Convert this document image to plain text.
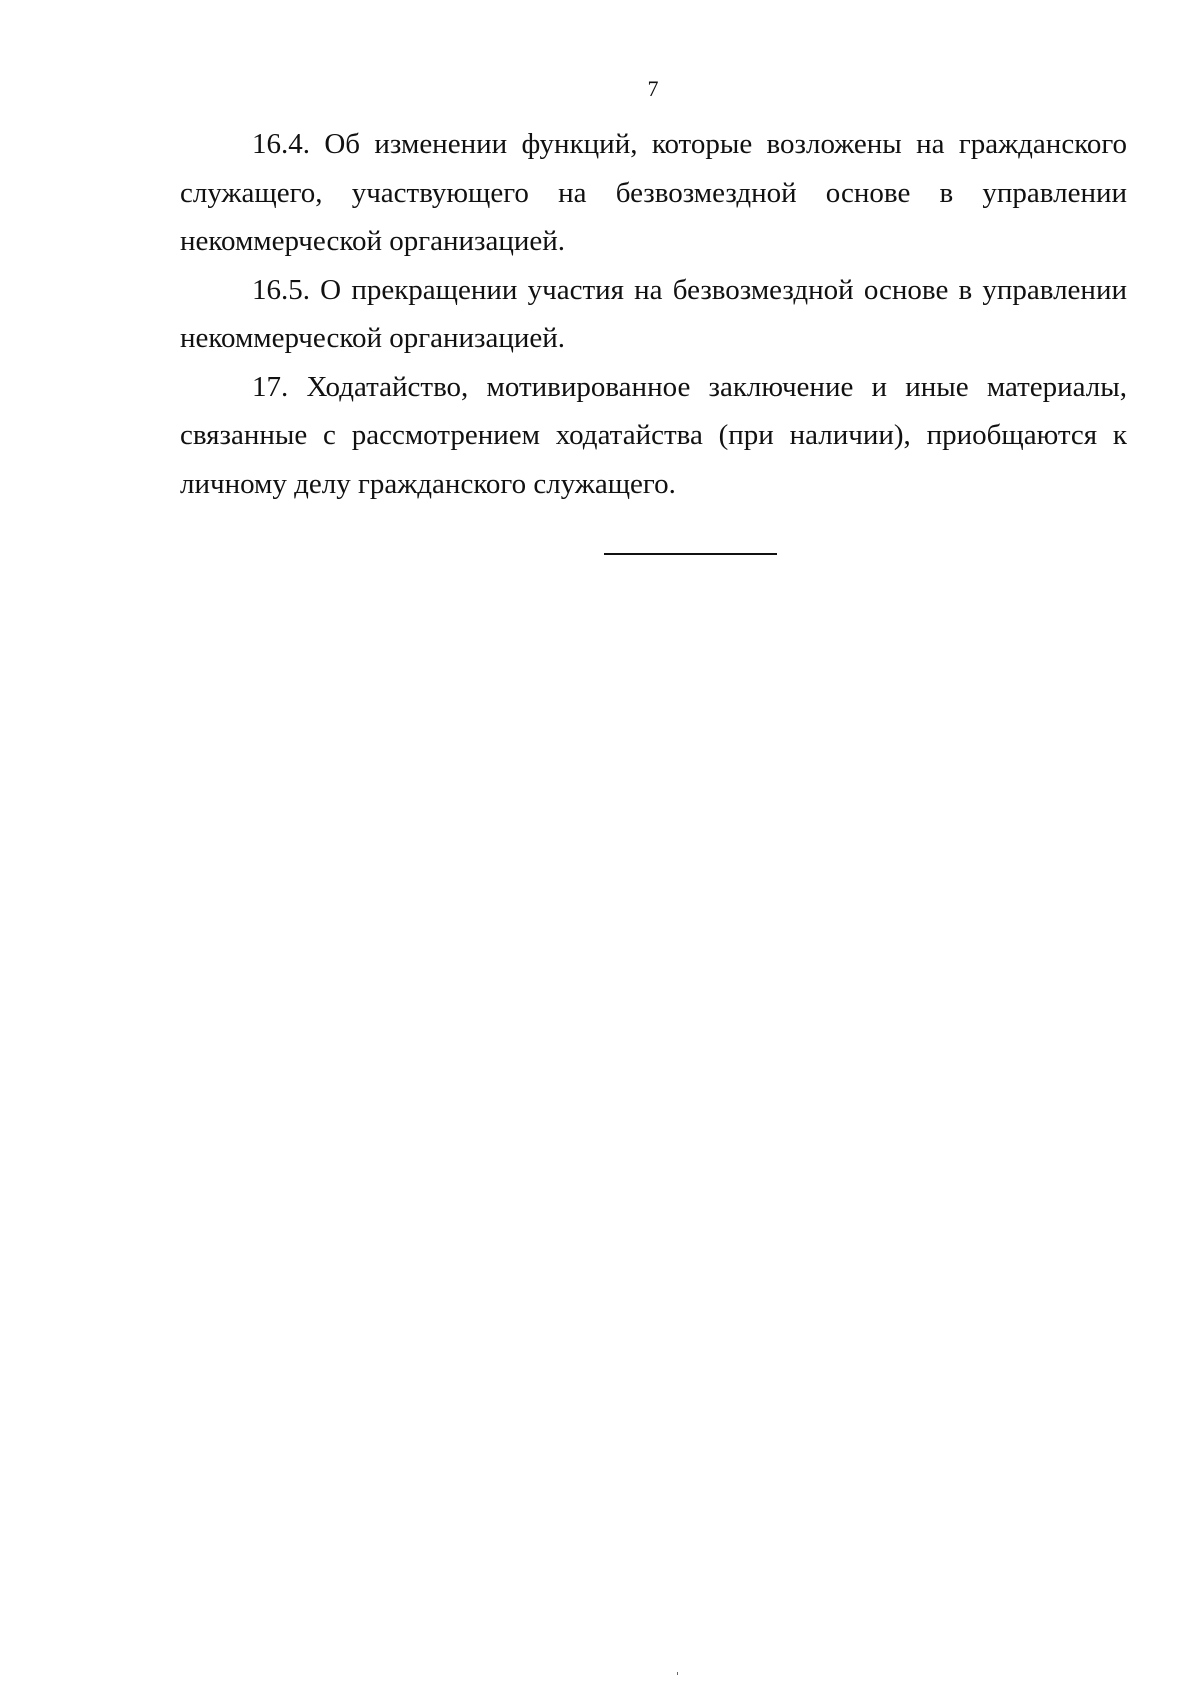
7

16.4. Об изменении функций, которые возложены на гражданского служащего, участвующего на безвозмездной основе в управлении некоммерческой организацией.

16.5. О прекращении участия на безвозмездной основе в управлении некоммерческой организацией.

17. Ходатайство, мотивированное заключение и иные материалы, связанные с рассмотрением ходатайства (при наличии), приобщаются к личному делу гражданского служащего.
